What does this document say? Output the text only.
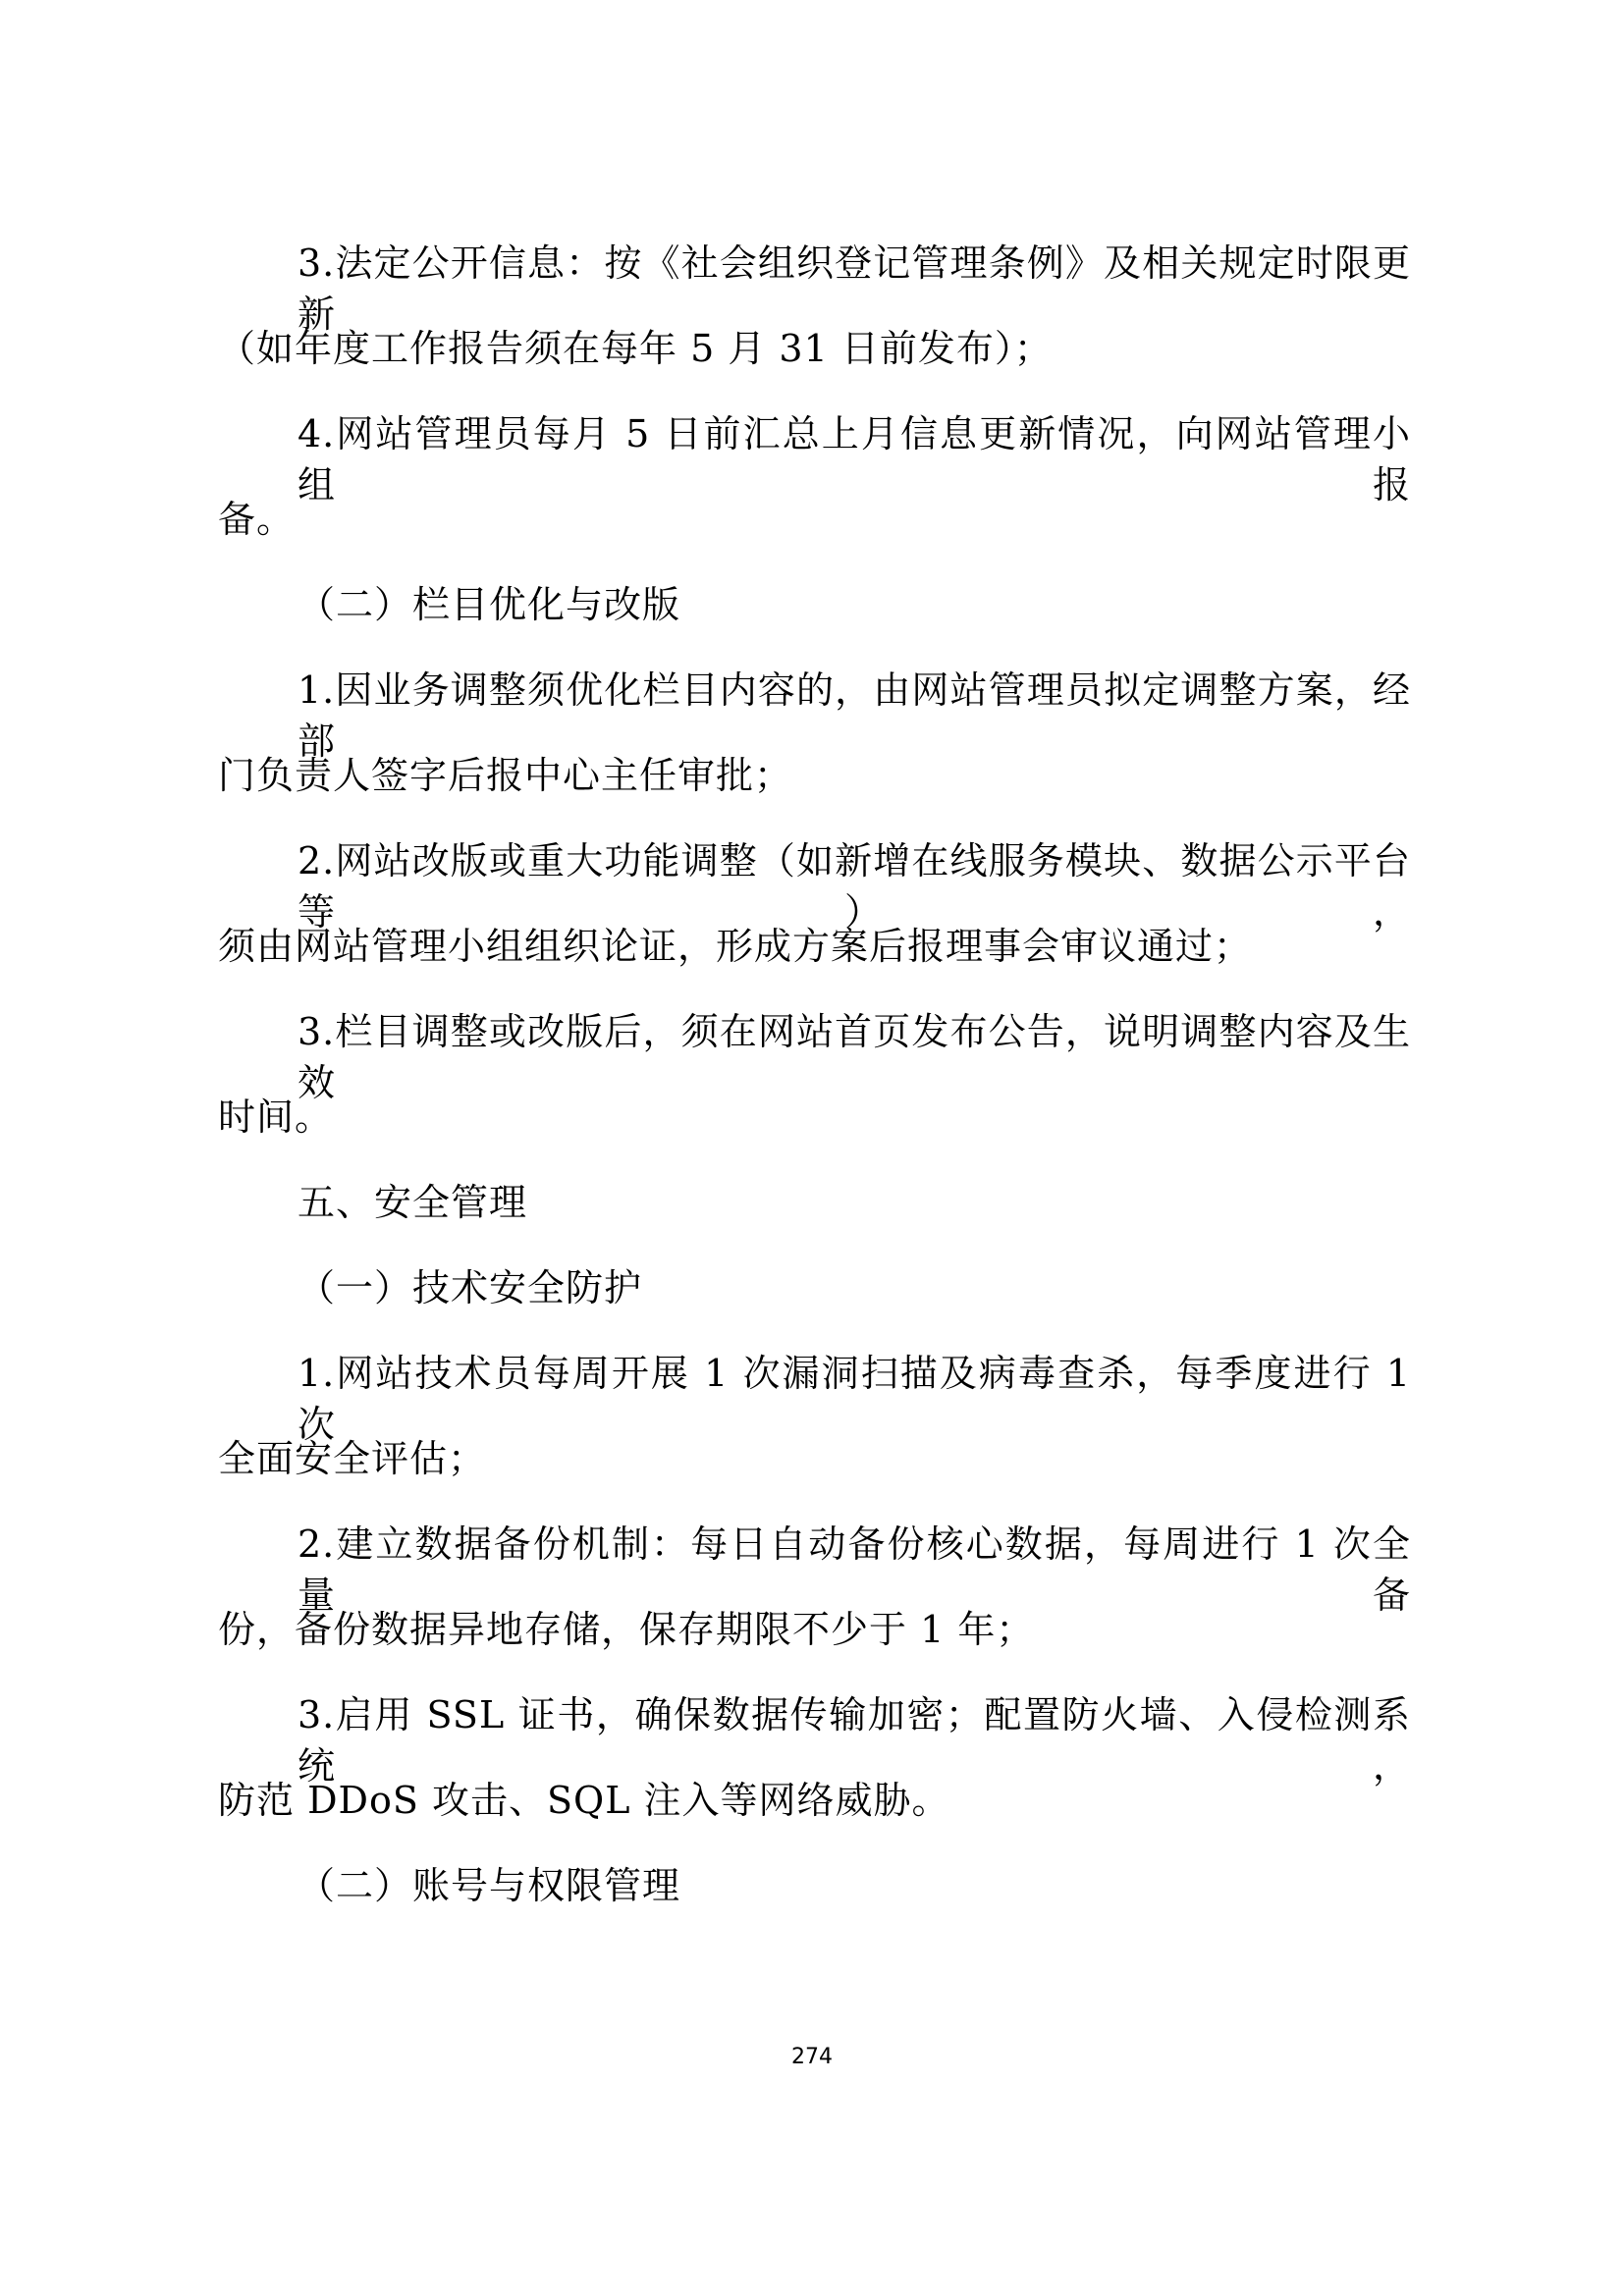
3.法定公开信息：按《社会组织登记管理条例》及相关规定时限更新
（如年度工作报告须在每年 5 月 31 日前发布）；
4.网站管理员每月 5 日前汇总上月信息更新情况，向网站管理小组报
备。
（二）栏目优化与改版
1.因业务调整须优化栏目内容的，由网站管理员拟定调整方案，经部
门负责人签字后报中心主任审批；
2.网站改版或重大功能调整（如新增在线服务模块、数据公示平台等），
须由网站管理小组组织论证，形成方案后报理事会审议通过；
3.栏目调整或改版后，须在网站首页发布公告，说明调整内容及生效
时间。
五、安全管理
（一）技术安全防护
1.网站技术员每周开展 1 次漏洞扫描及病毒查杀，每季度进行 1 次
全面安全评估；
2.建立数据备份机制：每日自动备份核心数据，每周进行 1 次全量备
份，备份数据异地存储，保存期限不少于 1 年；
3.启用 SSL 证书，确保数据传输加密；配置防火墙、入侵检测系统，
防范 DDoS 攻击、SQL 注入等网络威胁。
（二）账号与权限管理
274
